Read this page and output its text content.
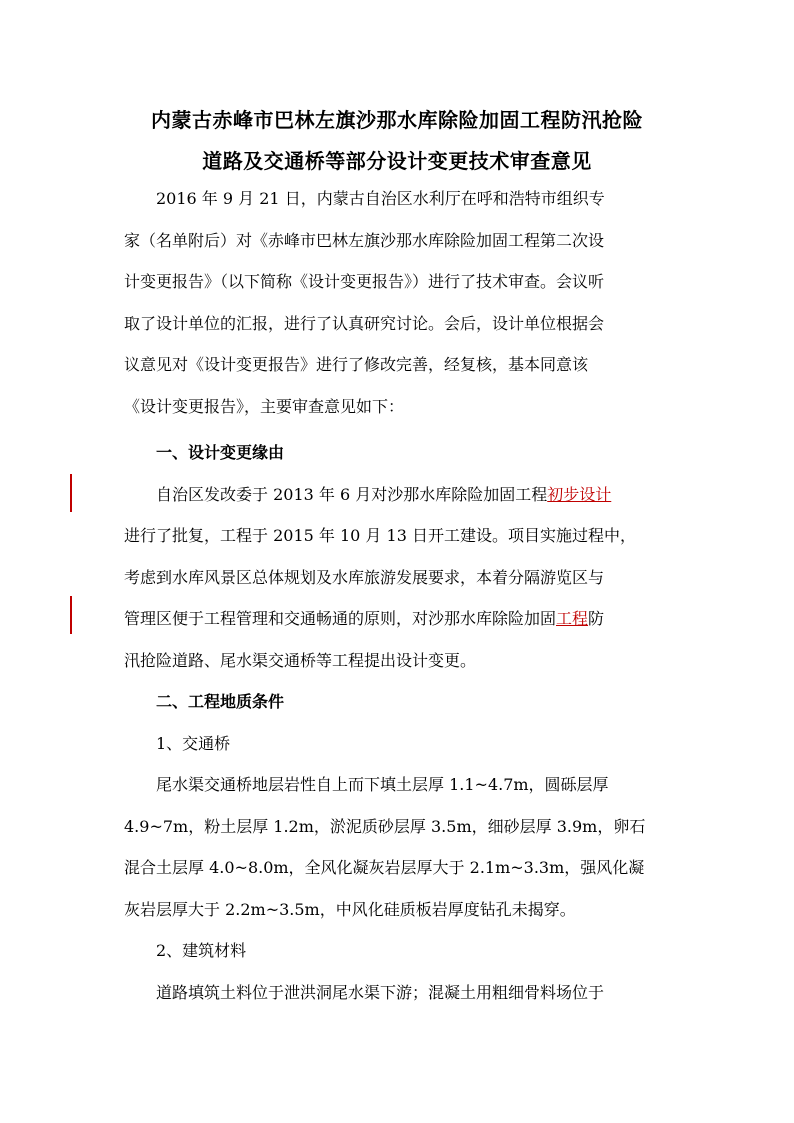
内蒙古赤峰市巴林左旗沙那水库除险加固工程防汛抢险
道路及交通桥等部分设计变更技术审查意见
2016 年 9 月 21 日，内蒙古自治区水利厅在呼和浩特市组织专
家（名单附后）对《赤峰市巴林左旗沙那水库除险加固工程第二次设
计变更报告》（以下简称《设计变更报告》）进行了技术审查。会议听
取了设计单位的汇报，进行了认真研究讨论。会后，设计单位根据会
议意见对《设计变更报告》进行了修改完善，经复核，基本同意该
《设计变更报告》，主要审查意见如下：
一、设计变更缘由
自治区发改委于 2013 年 6 月对沙那水库除险加固工程初步设计
进行了批复，工程于 2015 年 10 月 13 日开工建设。项目实施过程中，
考虑到水库风景区总体规划及水库旅游发展要求，本着分隔游览区与
管理区便于工程管理和交通畅通的原则，对沙那水库除险加固工程防
汛抢险道路、尾水渠交通桥等工程提出设计变更。
二、工程地质条件
1、交通桥
尾水渠交通桥地层岩性自上而下填土层厚 1.1~4.7m，圆砾层厚
4.9~7m，粉土层厚 1.2m，淤泥质砂层厚 3.5m，细砂层厚 3.9m，卵石
混合土层厚 4.0~8.0m，全风化凝灰岩层厚大于 2.1m~3.3m，强风化凝
灰岩层厚大于 2.2m~3.5m，中风化硅质板岩厚度钻孔未揭穿。
2、建筑材料
道路填筑土料位于泄洪洞尾水渠下游；混凝土用粗细骨料场位于
